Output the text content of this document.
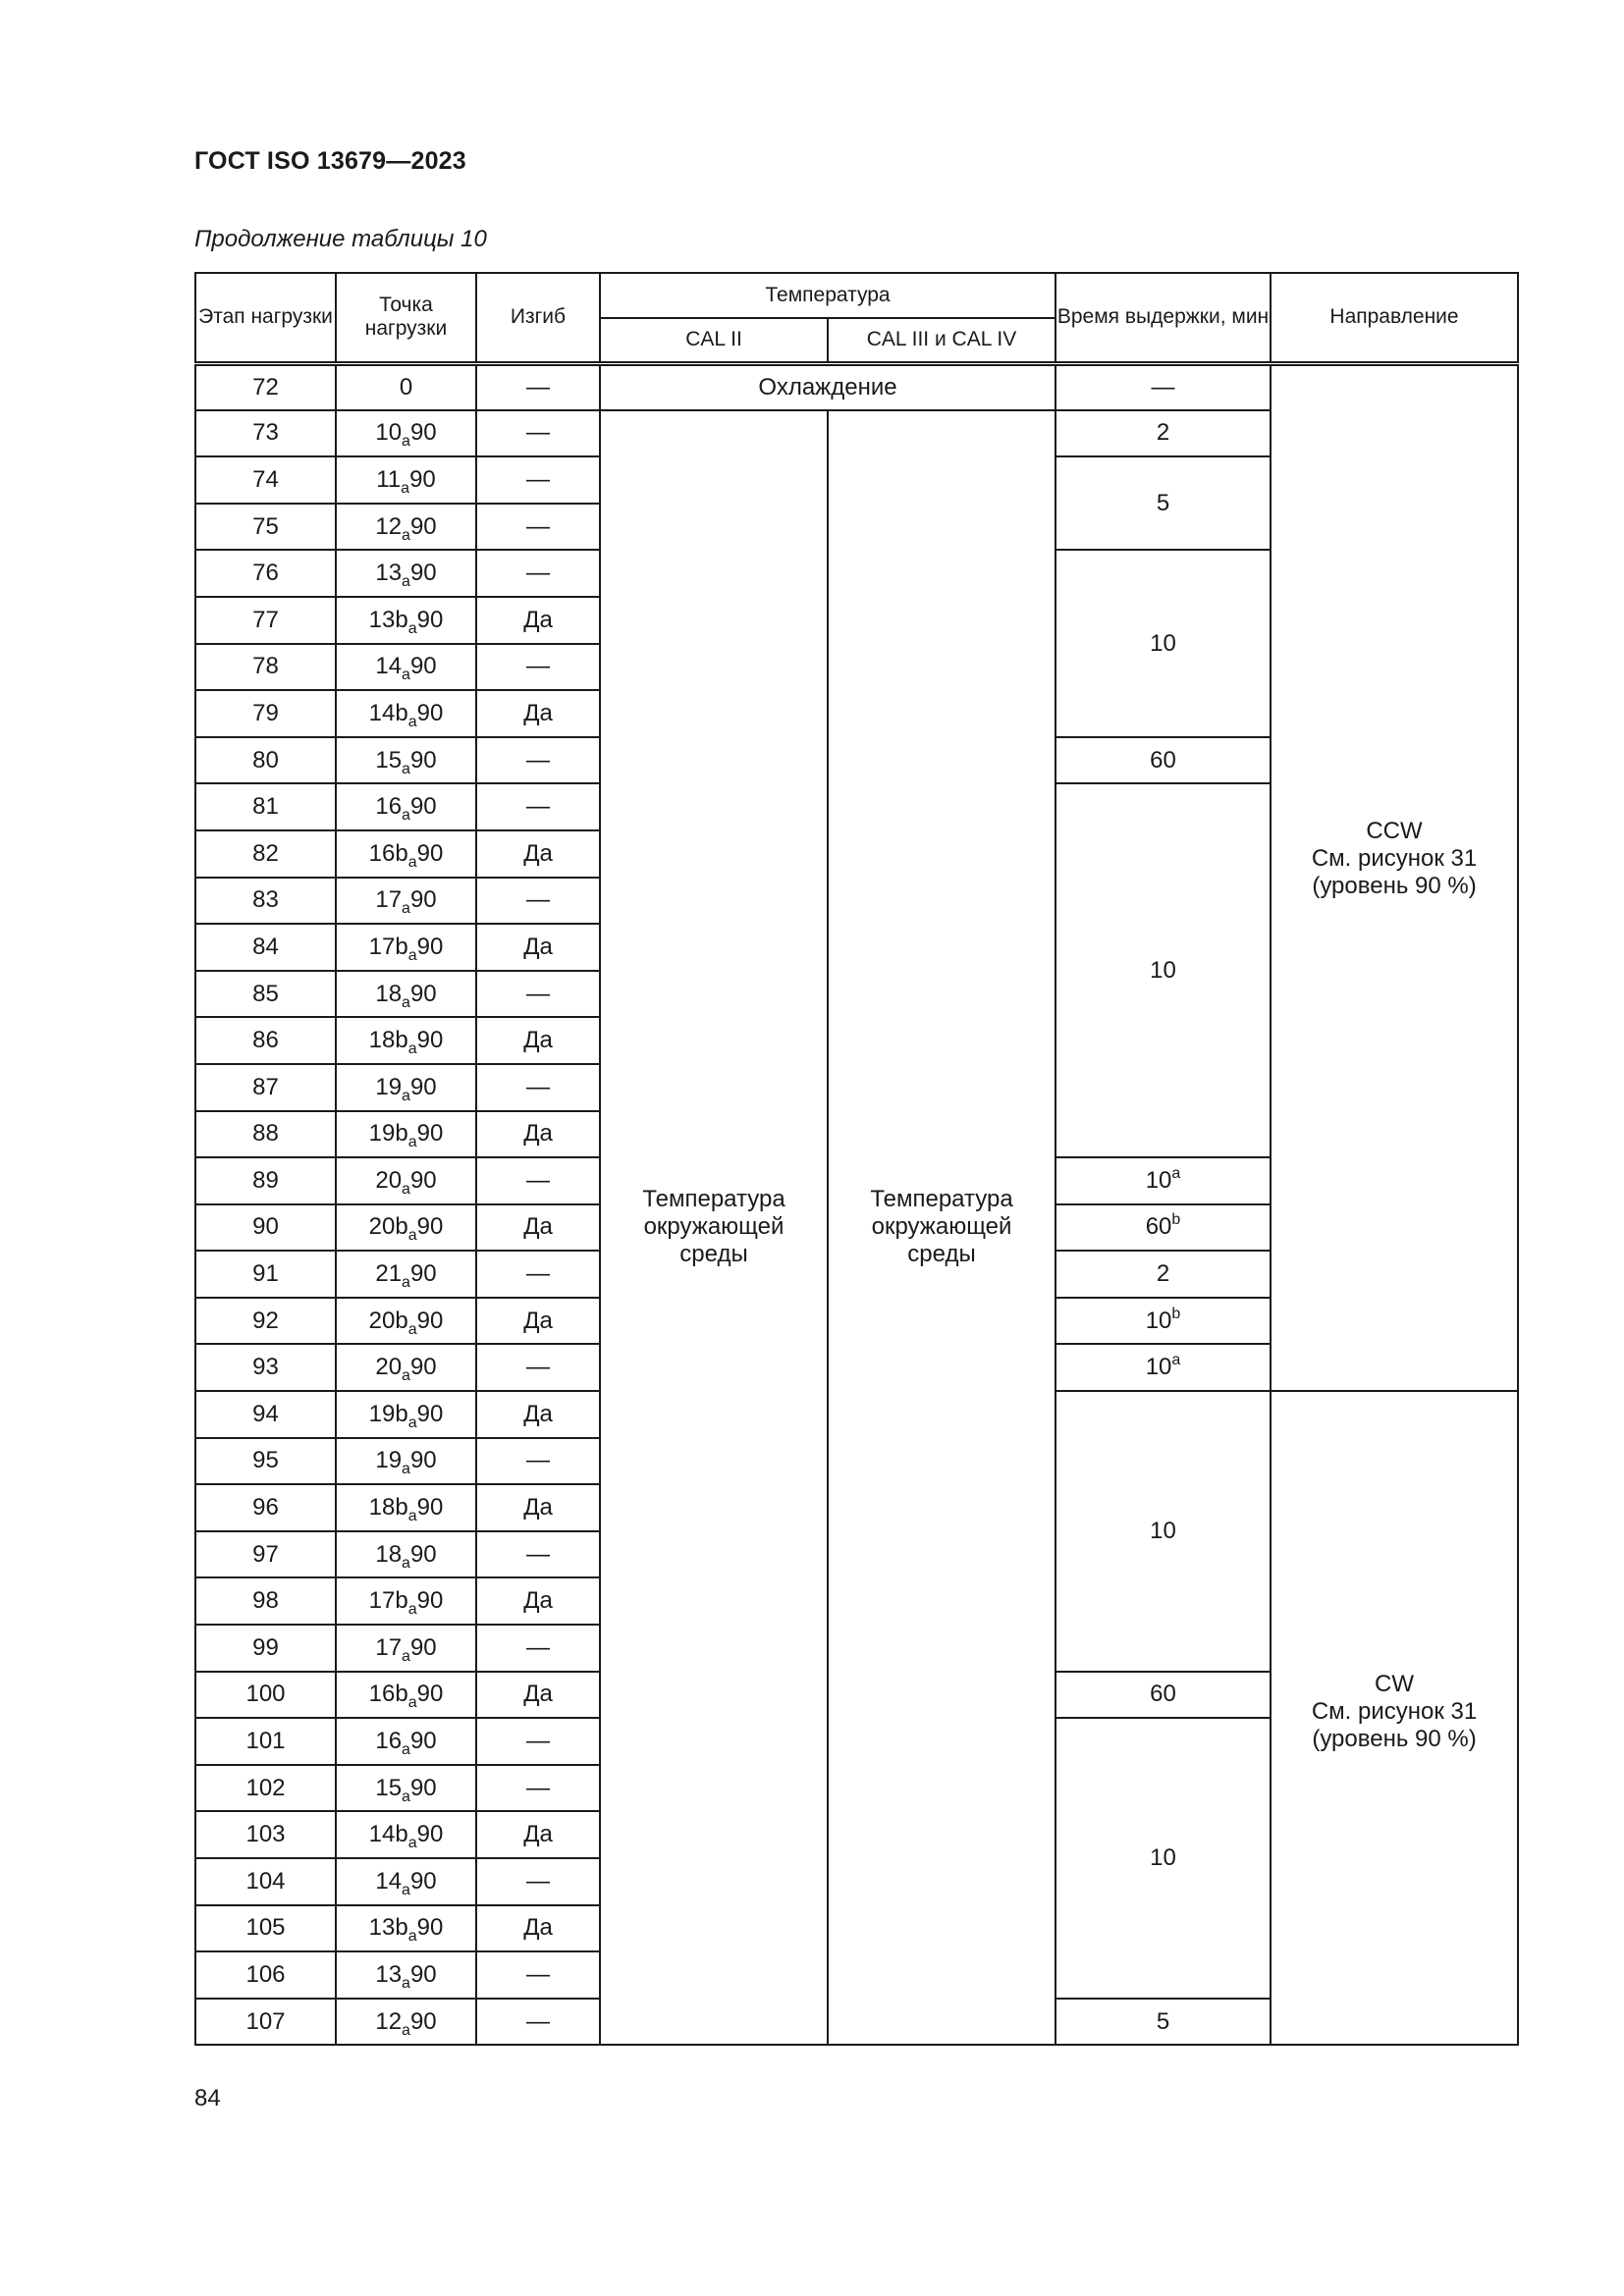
ГОСТ ISO 13679—2023
Продолжение таблицы 10
Этап нагрузки	Точка нагрузки	Изгиб	Температура		Время выдержки, мин	Направление
			CAL II	CAL III и CAL IV		
72	0	—	Охлаждение		—	CCW
См. рисунок 31 (уровень 90 %)

73	$10_a90$	—	Температура окружающей среды	Температура окружающей среды	2	
74	$11_a90$	—			5	
75	$12_a90$	—				
76	$13_a90$	—			10	
77	$13b_a90$	Да				
78	$14_a90$	—				
79	$14b_a90$	Да				
80	$15_a90$	—			60	
81	$16_a90$	—			10	
82	$16b_a90$	Да				
83	$17_a90$	—				
84	$17b_a90$	Да				
85	$18_a90$	—				
86	$18b_a90$	Да				
87	$19_a90$	—				
88	$19b_a90$	Да				
89	$20_a90$	—			10$^a$
90	$20b_a90$	Да			60$^b$
91	$21_a90$	—			2	
92	$20b_a90$	Да			10$^b$
93	$20_a90$	—			10$^a$
94	$19b_a90$	Да			10	CW
См. рисунок 31 (уровень 90 %)

95	$19_a90$	—				
96	$18b_a90$	Да				
97	$18_a90$	—				
98	$17b_a90$	Да				
99	$17_a90$	—				
100	$16b_a90$	Да			60	
101	$16_a90$	—			10	
102	$15_a90$	—				
103	$14b_a90$	Да				
104	$14_a90$	—				
105	$13b_a90$	Да				
106	$13_a90$	—				
107	$12_a90$	—			5	
84
